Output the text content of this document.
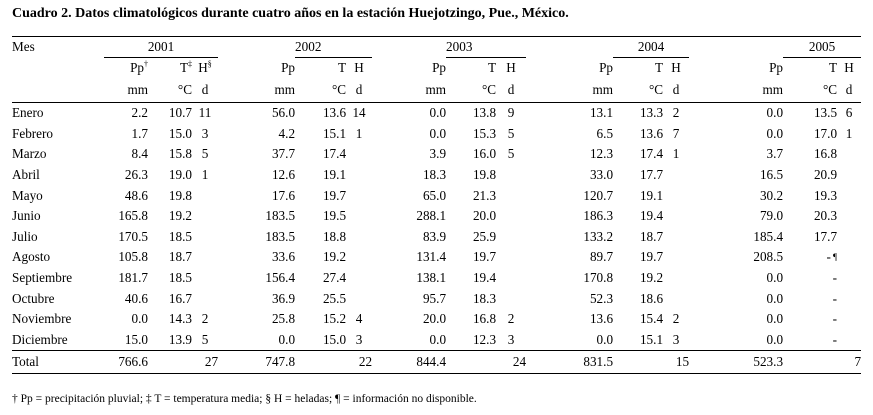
Cuadro 2. Datos climatológicos durante cuatro años en la estación Huejotzingo, Pue., México.
Mes	2001				2002			2003			2004			2005	
	Pp†	T‡	H§	Pp	T	H	Pp	T	H	Pp	T	H	Pp	T	H
	mm	°C	d	mm	°C	d	mm	°C	d	mm	°C	d	mm	°C	d
Enero	2.2	10.7	11	56.0	13.6	14	0.0	13.8	9	13.1	13.3	2	0.0	13.5	6
Febrero	1.7	15.0	3	4.2	15.1	1	0.0	15.3	5	6.5	13.6	7	0.0	17.0	1
Marzo	8.4	15.8	5	37.7	17.4		3.9	16.0	5	12.3	17.4	1	3.7	16.8	
Abril	26.3	19.0	1	12.6	19.1		18.3	19.8		33.0	17.7		16.5	20.9	
Mayo	48.6	19.8		17.6	19.7		65.0	21.3		120.7	19.1		30.2	19.3	
Junio	165.8	19.2		183.5	19.5		288.1	20.0		186.3	19.4		79.0	20.3	
Julio	170.5	18.5		183.5	18.8		83.9	25.9		133.2	18.7		185.4	17.7	
Agosto	105.8	18.7		33.6	19.2		131.4	19.7		89.7	19.7		208.5	- ¶	
Septiembre	181.7	18.5		156.4	27.4		138.1	19.4		170.8	19.2		0.0	-	
Octubre	40.6	16.7		36.9	25.5		95.7	18.3		52.3	18.6		0.0	-	
Noviembre	0.0	14.3	2	25.8	15.2	4	20.0	16.8	2	13.6	15.4	2	0.0	-	
Diciembre	15.0	13.9	5	0.0	15.0	3	0.0	12.3	3	0.0	15.1	3	0.0	-	
Total	766.6		27	747.8		22	844.4		24	831.5		15	523.3		7
† Pp = precipitación pluvial; ‡ T = temperatura media; § H = heladas; ¶ = información no disponible.
